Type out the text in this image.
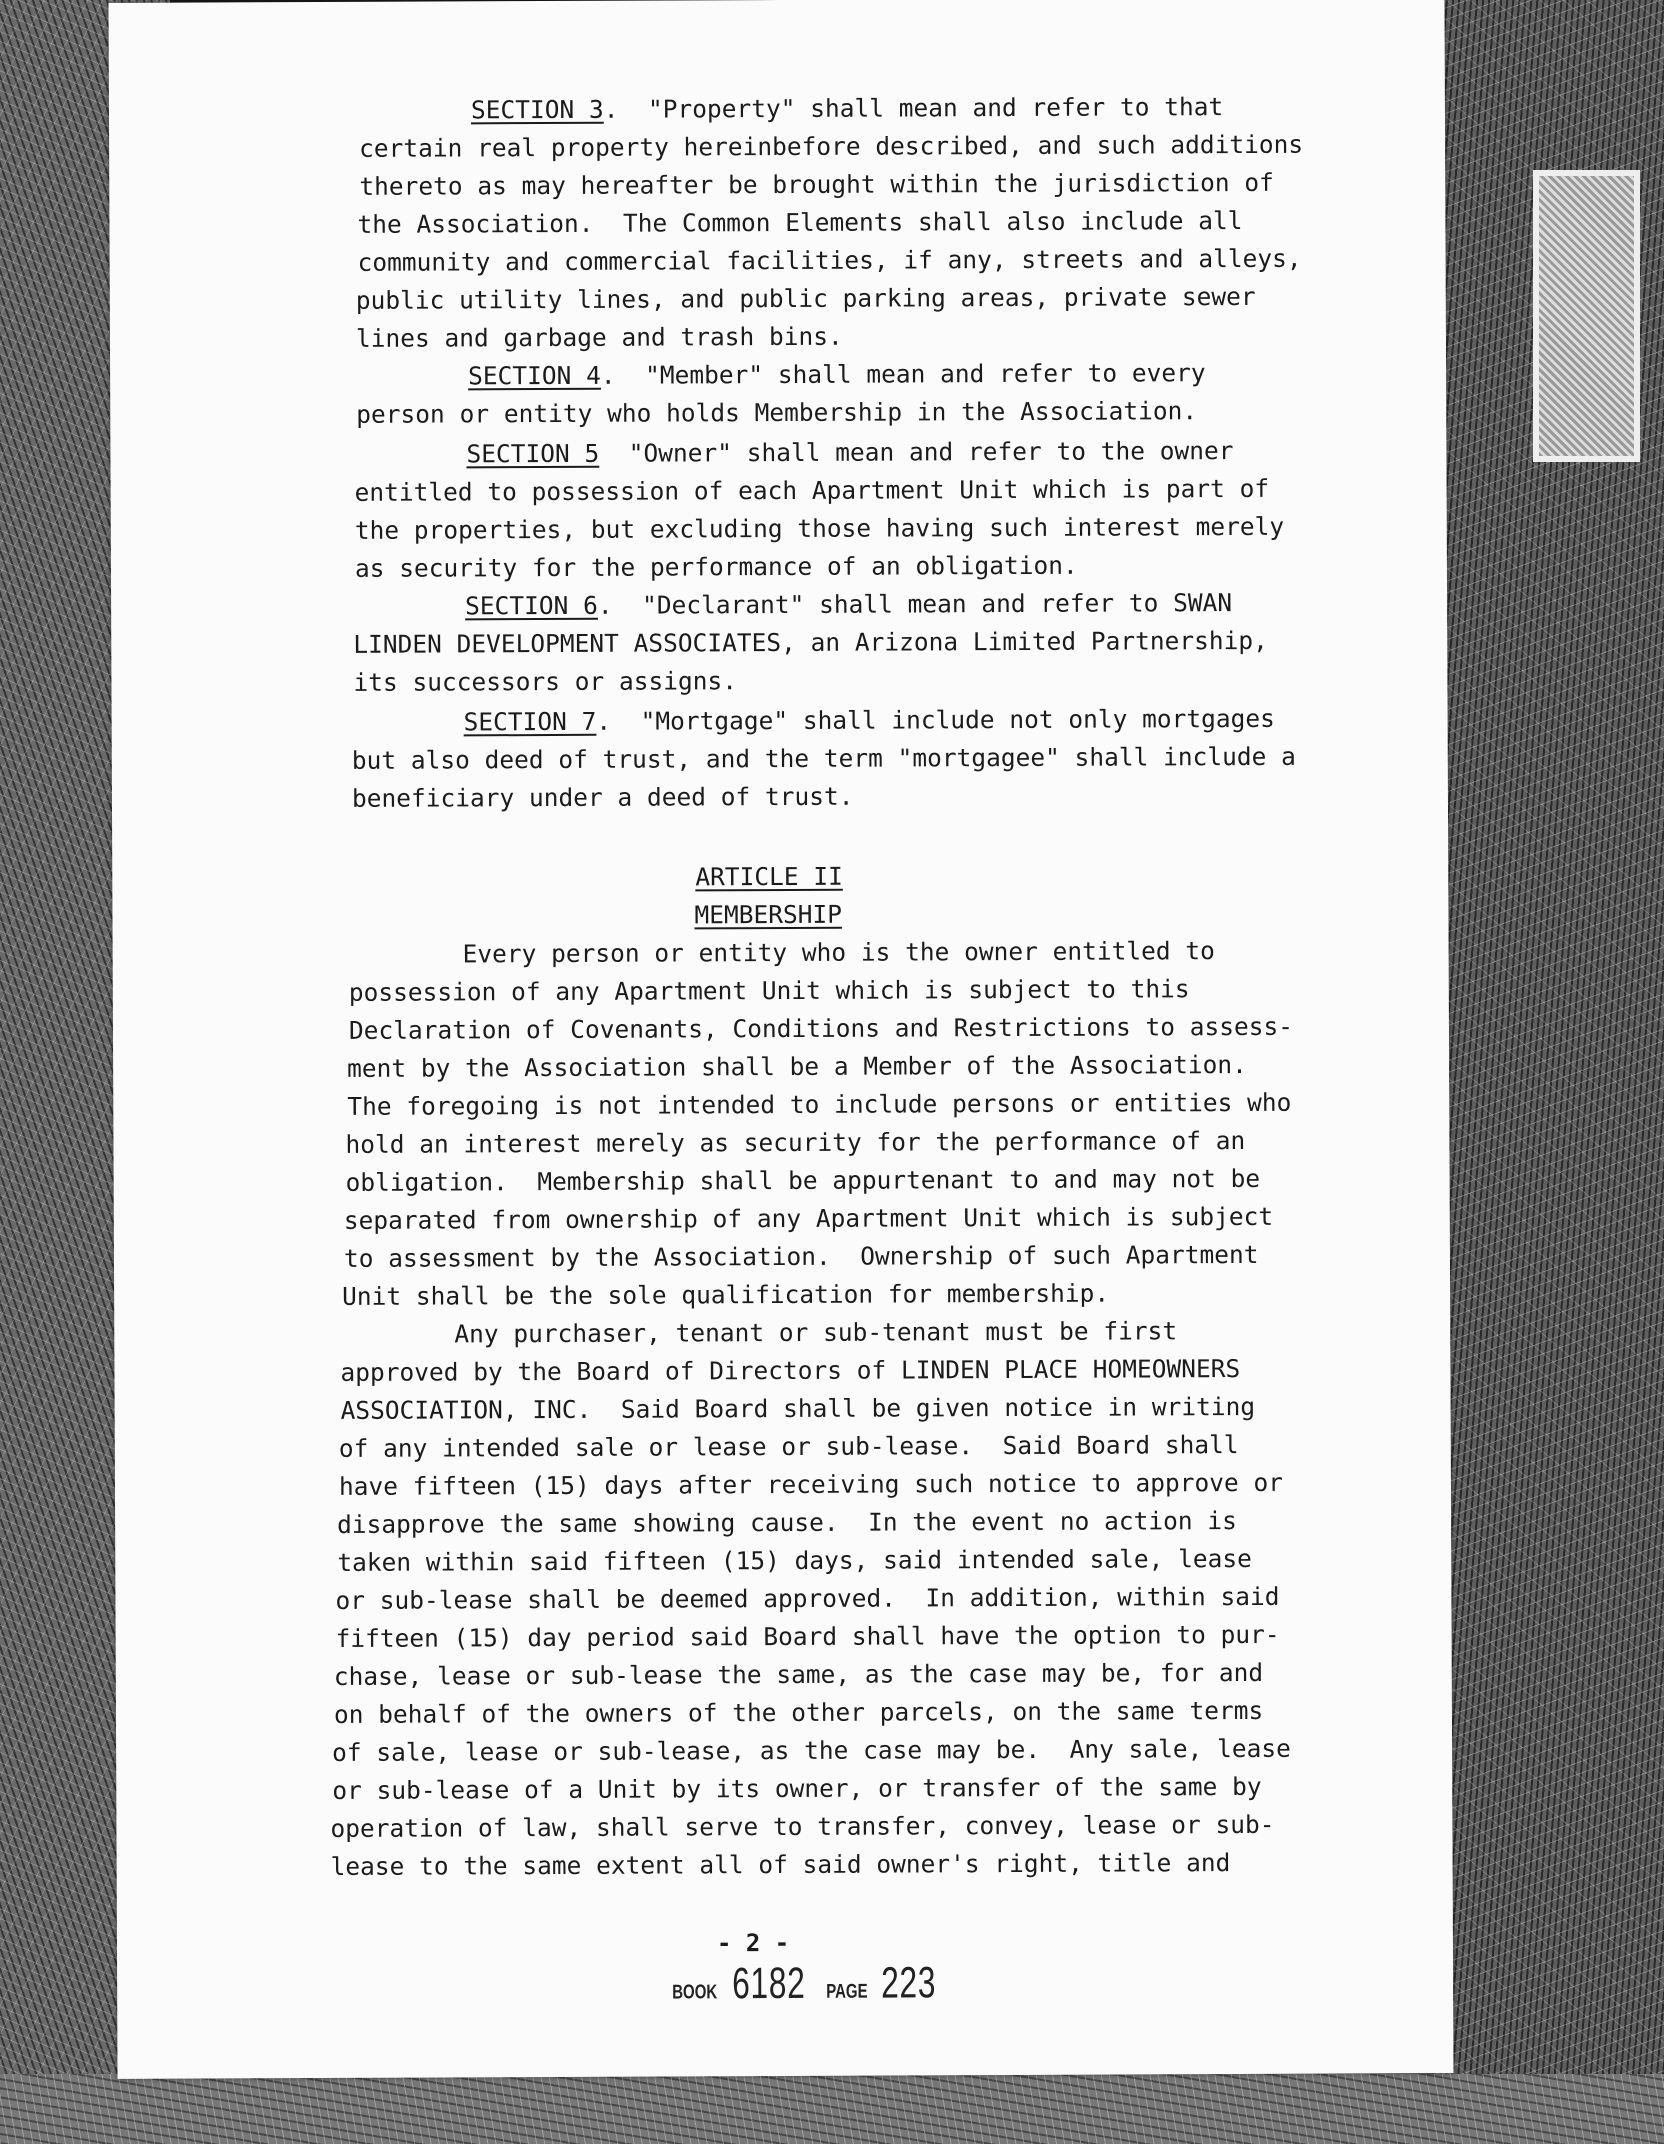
SECTION 3.  "Property" shall mean and refer to that
certain real property hereinbefore described, and such additions
thereto as may hereafter be brought within the jurisdiction of
the Association.  The Common Elements shall also include all
community and commercial facilities, if any, streets and alleys,
public utility lines, and public parking areas, private sewer
lines and garbage and trash bins.
SECTION 4.  "Member" shall mean and refer to every
person or entity who holds Membership in the Association.
SECTION 5  "Owner" shall mean and refer to the owner
entitled to possession of each Apartment Unit which is part of
the properties, but excluding those having such interest merely
as security for the performance of an obligation.
SECTION 6.  "Declarant" shall mean and refer to SWAN
LINDEN DEVELOPMENT ASSOCIATES, an Arizona Limited Partnership,
its successors or assigns.
SECTION 7.  "Mortgage" shall include not only mortgages
but also deed of trust, and the term "mortgagee" shall include a
beneficiary under a deed of trust.
ARTICLE II
MEMBERSHIP
Every person or entity who is the owner entitled to
possession of any Apartment Unit which is subject to this
Declaration of Covenants, Conditions and Restrictions to assess-
ment by the Association shall be a Member of the Association.
The foregoing is not intended to include persons or entities who
hold an interest merely as security for the performance of an
obligation.  Membership shall be appurtenant to and may not be
separated from ownership of any Apartment Unit which is subject
to assessment by the Association.  Ownership of such Apartment
Unit shall be the sole qualification for membership.
Any purchaser, tenant or sub-tenant must be first
approved by the Board of Directors of LINDEN PLACE HOMEOWNERS
ASSOCIATION, INC.  Said Board shall be given notice in writing
of any intended sale or lease or sub-lease.  Said Board shall
have fifteen (15) days after receiving such notice to approve or
disapprove the same showing cause.  In the event no action is
taken within said fifteen (15) days, said intended sale, lease
or sub-lease shall be deemed approved.  In addition, within said
fifteen (15) day period said Board shall have the option to pur-
chase, lease or sub-lease the same, as the case may be, for and
on behalf of the owners of the other parcels, on the same terms
of sale, lease or sub-lease, as the case may be.  Any sale, lease
or sub-lease of a Unit by its owner, or transfer of the same by
operation of law, shall serve to transfer, convey, lease or sub-
lease to the same extent all of said owner's right, title and
- 2 -
BOOK 6182 PAGE 223
